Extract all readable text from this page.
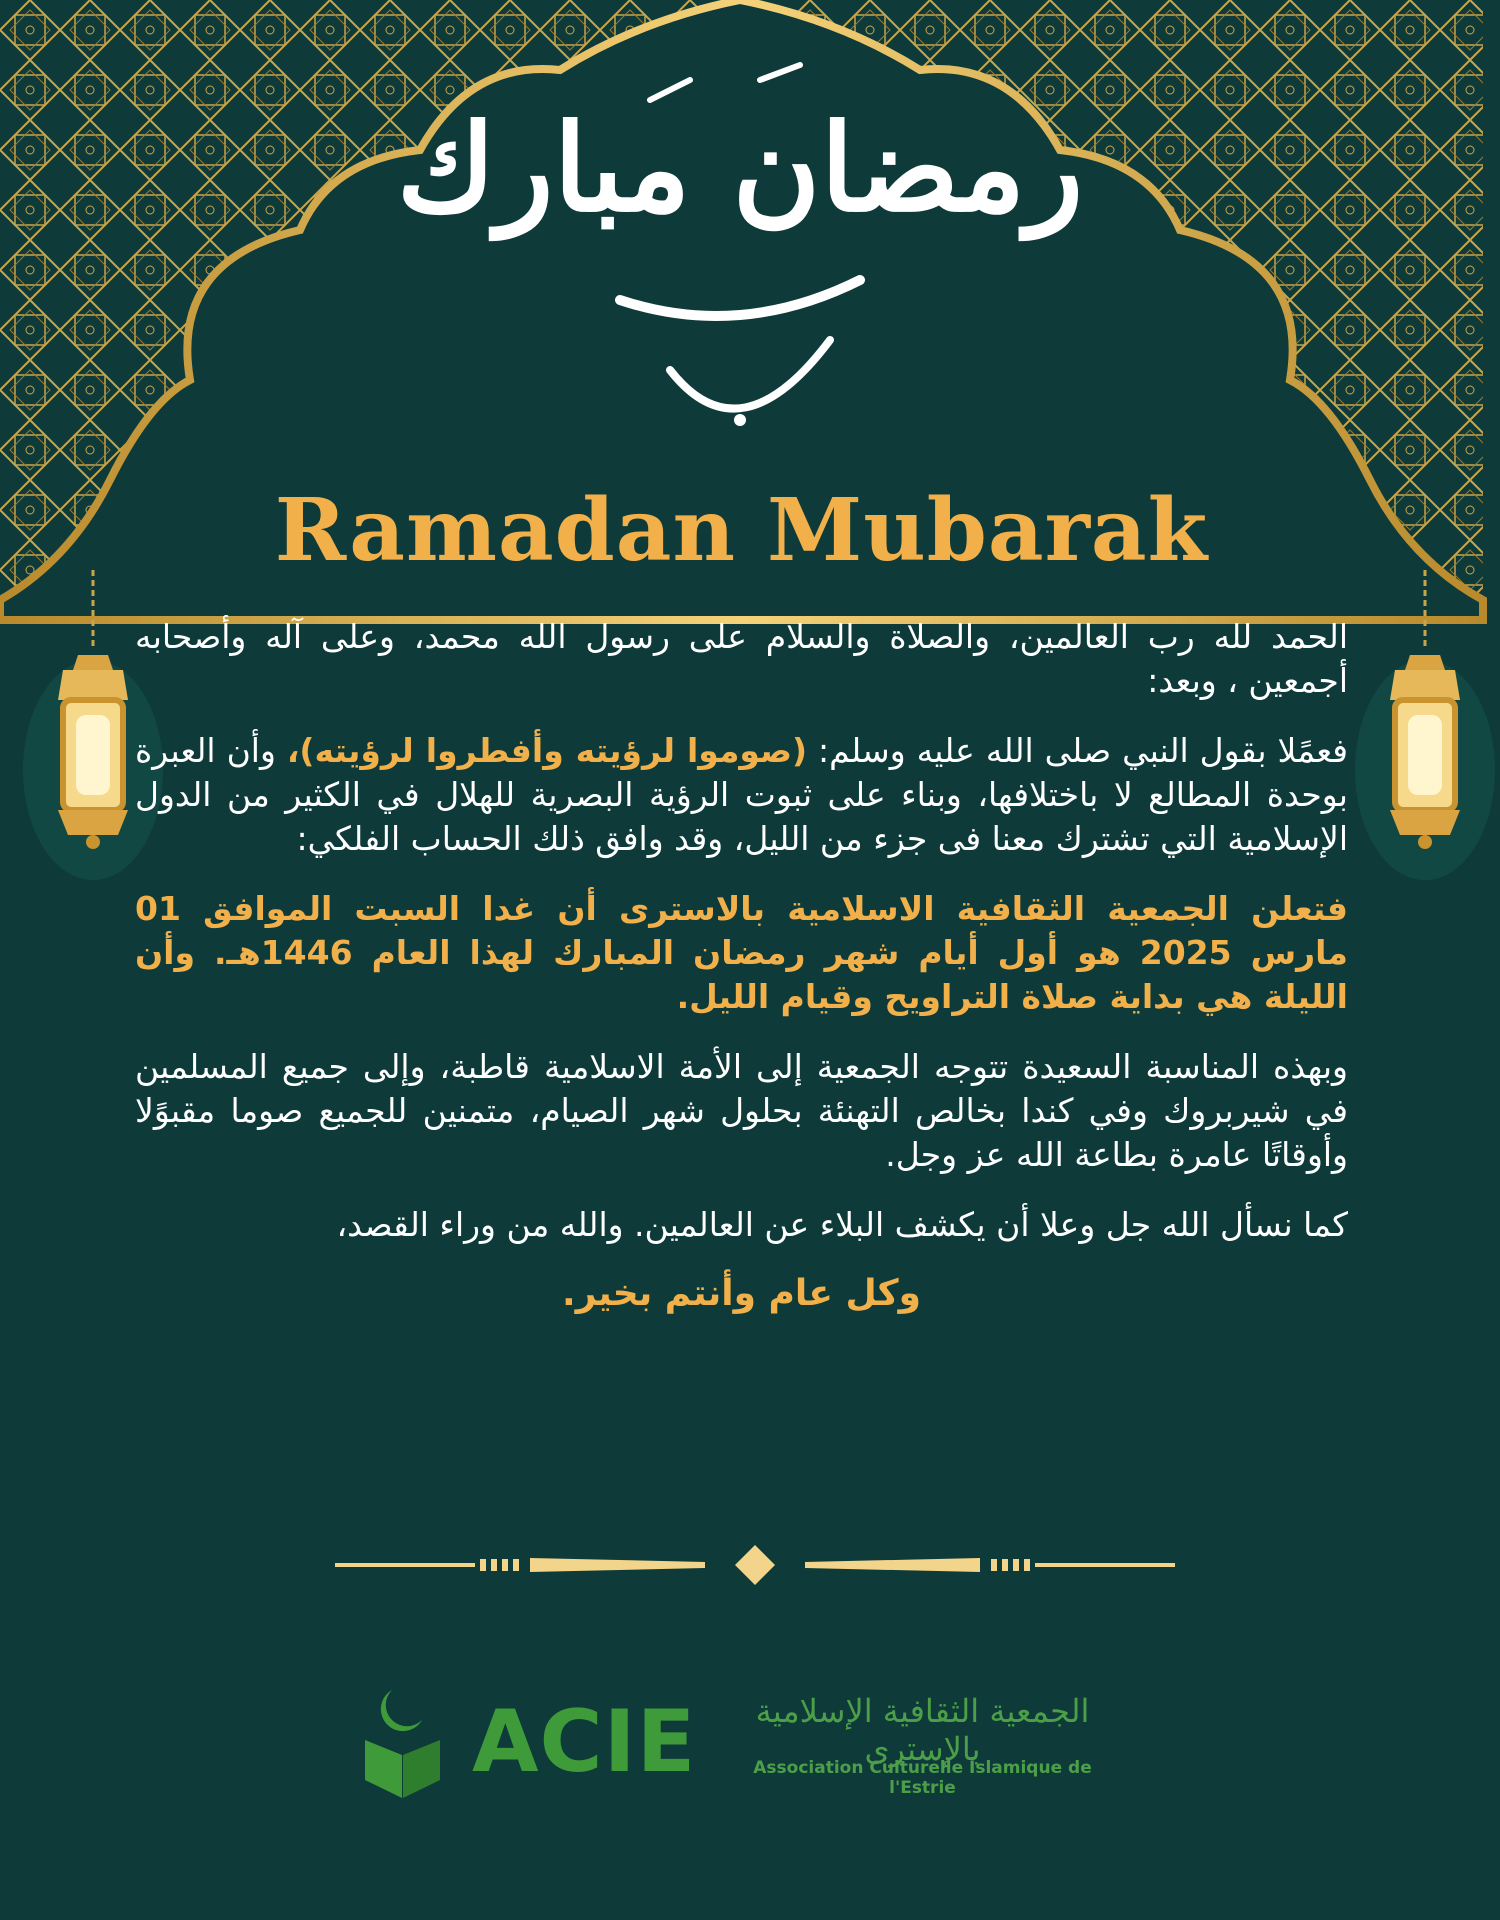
رمضان مبارك
Ramadan Mubarak

الحمد لله رب العالمين، والصلاة والسلام على رسول الله محمد، وعلى آله وأصحابه أجمعين ، وبعد:

فعمًلا بقول النبي صلى الله عليه وسلم: (صوموا لرؤيته وأفطروا لرؤيته)، وأن العبرة بوحدة المطالع لا باختلافها، وبناء على ثبوت الرؤية البصرية للهلال في الكثير من الدول الإسلامية التي تشترك معنا فى جزء من الليل، وقد وافق ذلك الحساب الفلكي:

فتعلن الجمعية الثقافية الاسلامية بالاسترى أن غدا السبت الموافق 01 مارس 2025 هو أول أيام شهر رمضان المبارك لهذا العام 1446هـ. وأن الليلة هي بداية صلاة التراويح وقيام الليل.

وبهذه المناسبة السعيدة تتوجه الجمعية إلى الأمة الاسلامية قاطبة، وإلى جميع المسلمين في شيربروك وفي كندا بخالص التهنئة بحلول شهر الصيام، متمنين للجميع صوما مقبوًلا وأوقاتًا عامرة بطاعة الله عز وجل.

كما نسأل الله جل وعلا أن يكشف البلاء عن العالمين. والله من وراء القصد،

وكل عام وأنتم بخير.
ACIE	الجمعية الثقافية الإسلامية بالإسترى
Association Culturelle Islamique de l'Estrie
